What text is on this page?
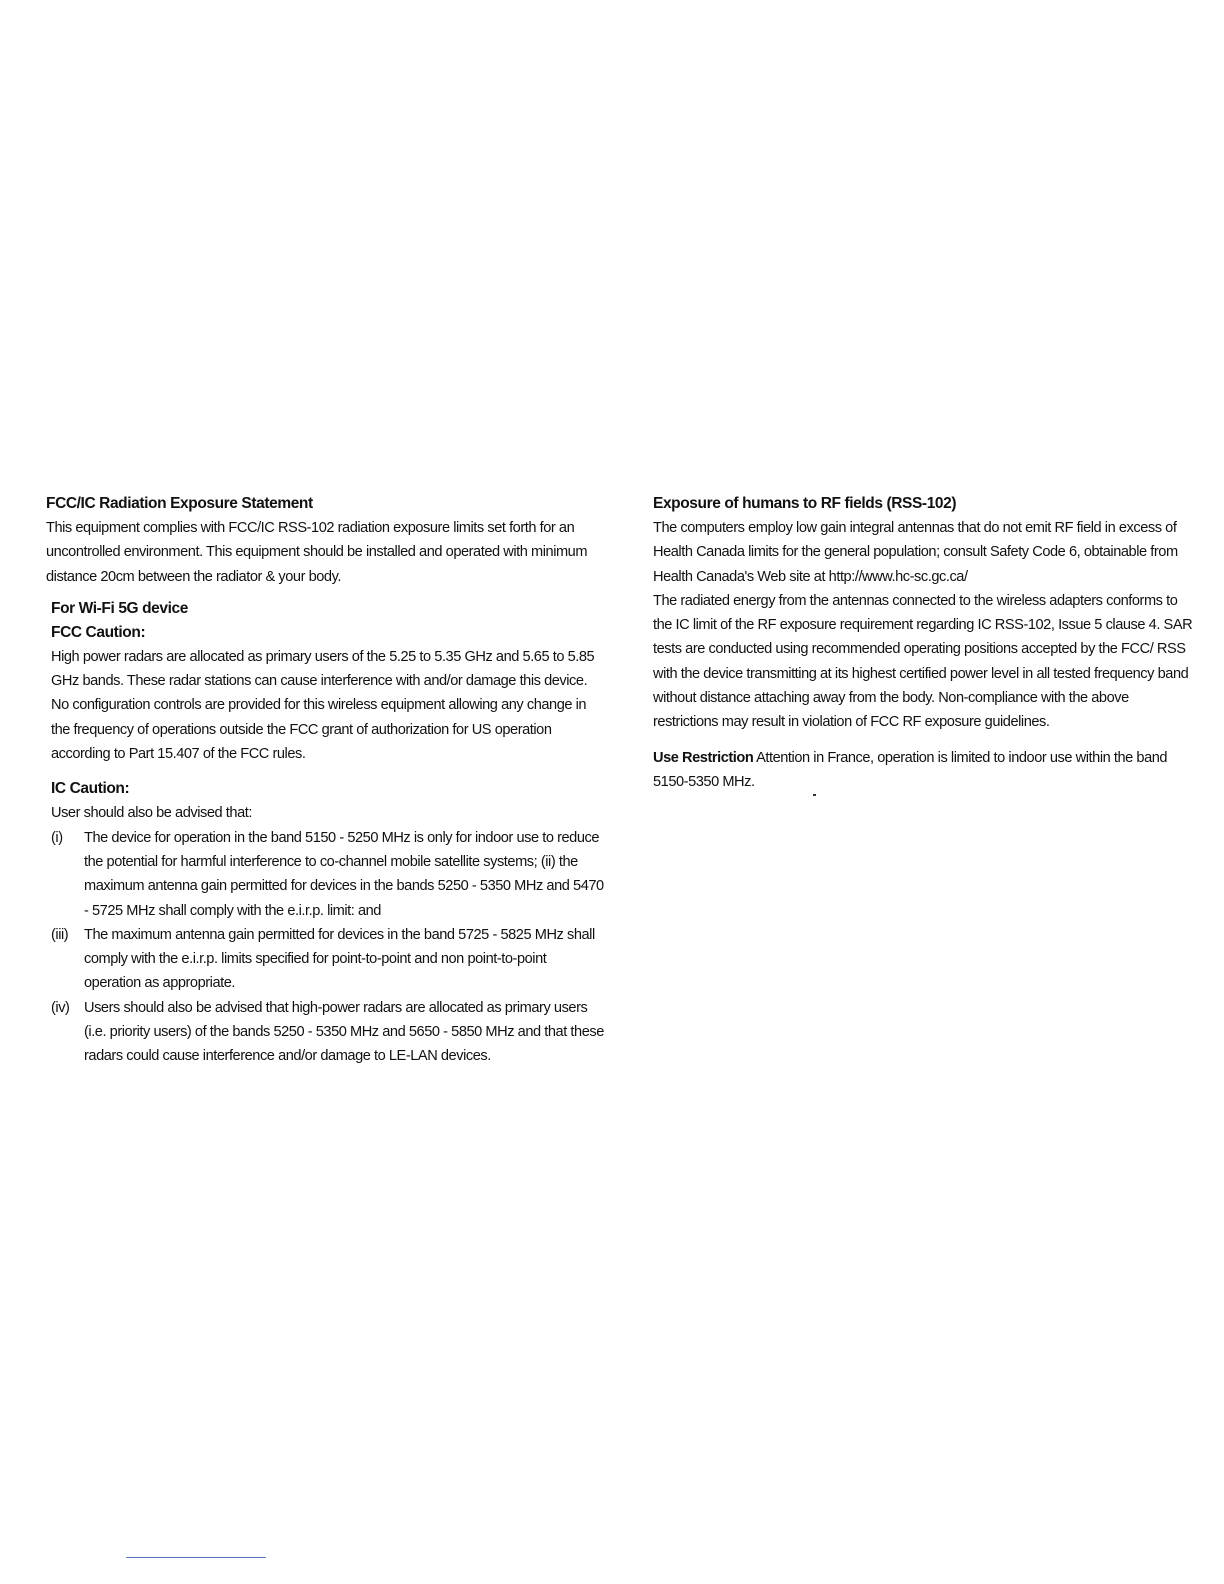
FCC/IC Radiation Exposure Statement

This equipment complies with FCC/IC RSS-102 radiation exposure limits set forth for an uncontrolled environment. This equipment should be installed and operated with minimum distance 20cm between the radiator & your body.

For Wi-Fi 5G device
FCC Caution:

High power radars are allocated as primary users of the 5.25 to 5.35 GHz and 5.65 to 5.85 GHz bands. These radar stations can cause interference with and/or damage this device. No configuration controls are provided for this wireless equipment allowing any change in the frequency of operations outside the FCC grant of authorization for US operation according to Part 15.407 of the FCC rules.

IC Caution:

User should also be advised that:

(i) The device for operation in the band 5150 - 5250 MHz is only for indoor use to reduce the potential for harmful interference to co-channel mobile satellite systems; (ii) the maximum antenna gain permitted for devices in the bands 5250 - 5350 MHz and 5470 - 5725 MHz shall comply with the e.i.r.p. limit: and
(iii) The maximum antenna gain permitted for devices in the band 5725 - 5825 MHz shall comply with the e.i.r.p. limits specified for point-to-point and non point-to-point operation as appropriate.
(iv) Users should also be advised that high-power radars are allocated as primary users (i.e. priority users) of the bands 5250 - 5350 MHz and 5650 - 5850 MHz and that these radars could cause interference and/or damage to LE-LAN devices.
Exposure of humans to RF fields (RSS-102)

The computers employ low gain integral antennas that do not emit RF field in excess of Health Canada limits for the general population; consult Safety Code 6, obtainable from Health Canada's Web site at http://www.hc-sc.gc.ca/

The radiated energy from the antennas connected to the wireless adapters conforms to the IC limit of the RF exposure requirement regarding IC RSS-102, Issue 5 clause 4. SAR tests are conducted using recommended operating positions accepted by the FCC/ RSS with the device transmitting at its highest certified power level in all tested frequency band without distance attaching away from the body. Non-compliance with the above restrictions may result in violation of FCC RF exposure guidelines.

Use Restriction Attention in France, operation is limited to indoor use within the band 5150-5350 MHz.
